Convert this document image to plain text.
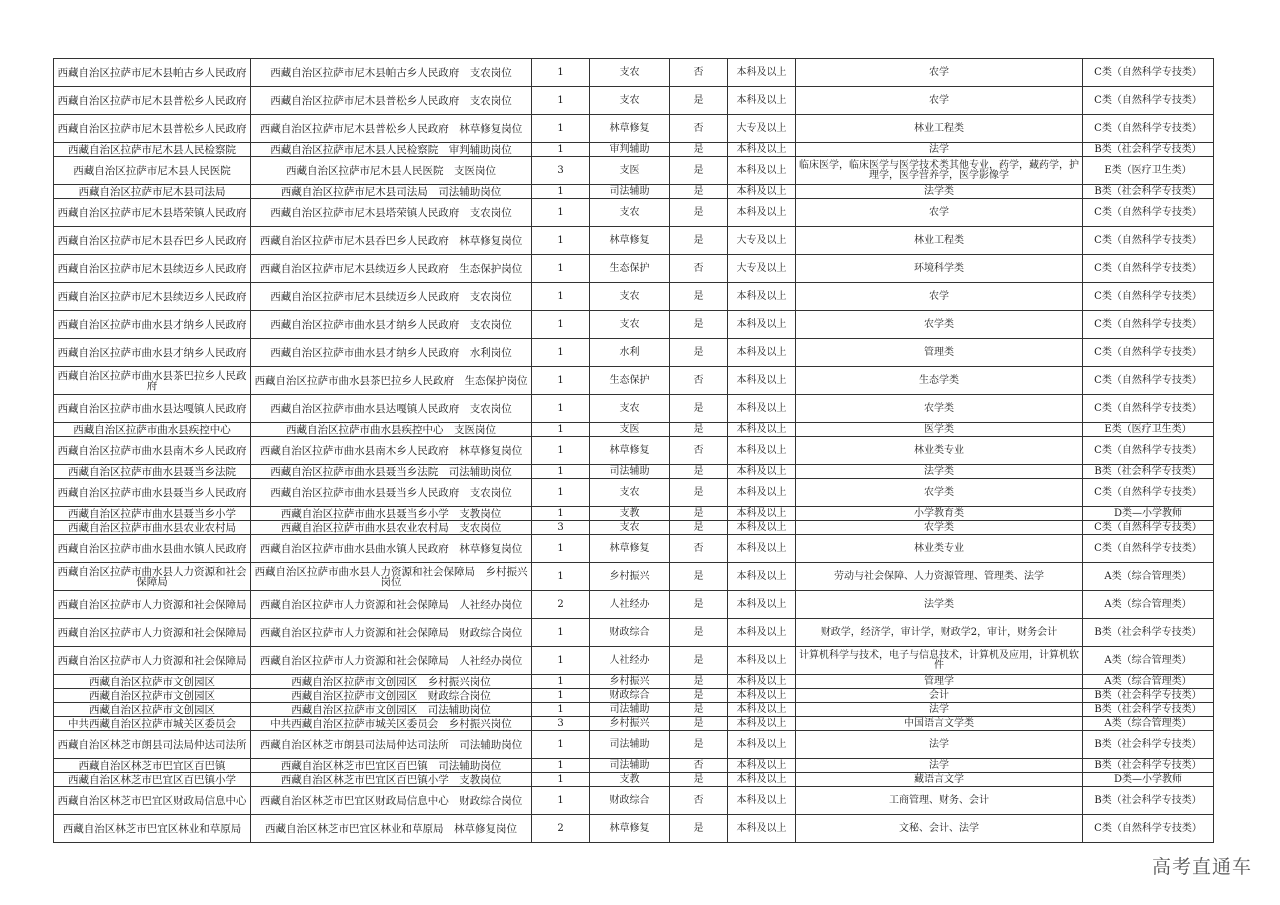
西藏自治区拉萨市尼木县帕古乡人民政府	西藏自治区拉萨市尼木县帕古乡人民政府　支农岗位	1	支农	否	本科及以上	农学	C类（自然科学专技类）

西藏自治区拉萨市尼木县普松乡人民政府	西藏自治区拉萨市尼木县普松乡人民政府　支农岗位	1	支农	是	本科及以上	农学	C类（自然科学专技类）

西藏自治区拉萨市尼木县普松乡人民政府	西藏自治区拉萨市尼木县普松乡人民政府　林草修复岗位	1	林草修复	否	大专及以上	林业工程类	C类（自然科学专技类）

西藏自治区拉萨市尼木县人民检察院	西藏自治区拉萨市尼木县人民检察院　审判辅助岗位	1	审判辅助	是	本科及以上	法学	B类（社会科学专技类）

西藏自治区拉萨市尼木县人民医院	西藏自治区拉萨市尼木县人民医院　支医岗位	3	支医	是	本科及以上	临床医学，临床医学与医学技术类其他专业，药学，藏药学，护理学，医学营养学，医学影像学	E类（医疗卫生类）

西藏自治区拉萨市尼木县司法局	西藏自治区拉萨市尼木县司法局　司法辅助岗位	1	司法辅助	是	本科及以上	法学类	B类（社会科学专技类）

西藏自治区拉萨市尼木县塔荣镇人民政府	西藏自治区拉萨市尼木县塔荣镇人民政府　支农岗位	1	支农	是	本科及以上	农学	C类（自然科学专技类）

西藏自治区拉萨市尼木县吞巴乡人民政府	西藏自治区拉萨市尼木县吞巴乡人民政府　林草修复岗位	1	林草修复	是	大专及以上	林业工程类	C类（自然科学专技类）

西藏自治区拉萨市尼木县续迈乡人民政府	西藏自治区拉萨市尼木县续迈乡人民政府　生态保护岗位	1	生态保护	否	大专及以上	环境科学类	C类（自然科学专技类）

西藏自治区拉萨市尼木县续迈乡人民政府	西藏自治区拉萨市尼木县续迈乡人民政府　支农岗位	1	支农	是	本科及以上	农学	C类（自然科学专技类）

西藏自治区拉萨市曲水县才纳乡人民政府	西藏自治区拉萨市曲水县才纳乡人民政府　支农岗位	1	支农	是	本科及以上	农学类	C类（自然科学专技类）

西藏自治区拉萨市曲水县才纳乡人民政府	西藏自治区拉萨市曲水县才纳乡人民政府　水利岗位	1	水利	是	本科及以上	管理类	C类（自然科学专技类）

西藏自治区拉萨市曲水县茶巴拉乡人民政府	西藏自治区拉萨市曲水县茶巴拉乡人民政府　生态保护岗位	1	生态保护	否	本科及以上	生态学类	C类（自然科学专技类）

西藏自治区拉萨市曲水县达嘎镇人民政府	西藏自治区拉萨市曲水县达嘎镇人民政府　支农岗位	1	支农	是	本科及以上	农学类	C类（自然科学专技类）

西藏自治区拉萨市曲水县疾控中心	西藏自治区拉萨市曲水县疾控中心　支医岗位	1	支医	是	本科及以上	医学类	E类（医疗卫生类）

西藏自治区拉萨市曲水县南木乡人民政府	西藏自治区拉萨市曲水县南木乡人民政府　林草修复岗位	1	林草修复	否	本科及以上	林业类专业	C类（自然科学专技类）

西藏自治区拉萨市曲水县聂当乡法院	西藏自治区拉萨市曲水县聂当乡法院　司法辅助岗位	1	司法辅助	是	本科及以上	法学类	B类（社会科学专技类）

西藏自治区拉萨市曲水县聂当乡人民政府	西藏自治区拉萨市曲水县聂当乡人民政府　支农岗位	1	支农	是	本科及以上	农学类	C类（自然科学专技类）

西藏自治区拉萨市曲水县聂当乡小学	西藏自治区拉萨市曲水县聂当乡小学　支教岗位	1	支教	是	本科及以上	小学教育类	D类—小学教师

西藏自治区拉萨市曲水县农业农村局	西藏自治区拉萨市曲水县农业农村局　支农岗位	3	支农	是	本科及以上	农学类	C类（自然科学专技类）

西藏自治区拉萨市曲水县曲水镇人民政府	西藏自治区拉萨市曲水县曲水镇人民政府　林草修复岗位	1	林草修复	否	本科及以上	林业类专业	C类（自然科学专技类）

西藏自治区拉萨市曲水县人力资源和社会保障局	西藏自治区拉萨市曲水县人力资源和社会保障局　乡村振兴岗位	1	乡村振兴	是	本科及以上	劳动与社会保障、人力资源管理、管理类、法学	A类（综合管理类）

西藏自治区拉萨市人力资源和社会保障局	西藏自治区拉萨市人力资源和社会保障局　人社经办岗位	2	人社经办	是	本科及以上	法学类	A类（综合管理类）

西藏自治区拉萨市人力资源和社会保障局	西藏自治区拉萨市人力资源和社会保障局　财政综合岗位	1	财政综合	是	本科及以上	财政学，经济学，审计学，财政学2，审计，财务会计	B类（社会科学专技类）

西藏自治区拉萨市人力资源和社会保障局	西藏自治区拉萨市人力资源和社会保障局　人社经办岗位	1	人社经办	是	本科及以上	计算机科学与技术，电子与信息技术，计算机及应用，计算机软件	A类（综合管理类）

西藏自治区拉萨市文创园区	西藏自治区拉萨市文创园区　乡村振兴岗位	1	乡村振兴	是	本科及以上	管理学	A类（综合管理类）

西藏自治区拉萨市文创园区	西藏自治区拉萨市文创园区　财政综合岗位	1	财政综合	是	本科及以上	会计	B类（社会科学专技类）

西藏自治区拉萨市文创园区	西藏自治区拉萨市文创园区　司法辅助岗位	1	司法辅助	是	本科及以上	法学	B类（社会科学专技类）

中共西藏自治区拉萨市城关区委员会	中共西藏自治区拉萨市城关区委员会　乡村振兴岗位	3	乡村振兴	是	本科及以上	中国语言文学类	A类（综合管理类）

西藏自治区林芝市朗县司法局仲达司法所	西藏自治区林芝市朗县司法局仲达司法所　司法辅助岗位	1	司法辅助	是	本科及以上	法学	B类（社会科学专技类）

西藏自治区林芝市巴宜区百巴镇	西藏自治区林芝市巴宜区百巴镇　司法辅助岗位	1	司法辅助	否	本科及以上	法学	B类（社会科学专技类）

西藏自治区林芝市巴宜区百巴镇小学	西藏自治区林芝市巴宜区百巴镇小学　支教岗位	1	支教	是	本科及以上	藏语言文学	D类—小学教师

西藏自治区林芝市巴宜区财政局信息中心	西藏自治区林芝市巴宜区财政局信息中心　财政综合岗位	1	财政综合	否	本科及以上	工商管理、财务、会计	B类（社会科学专技类）

西藏自治区林芝市巴宜区林业和草原局	西藏自治区林芝市巴宜区林业和草原局　林草修复岗位	2	林草修复	是	本科及以上	文秘、会计、法学	C类（自然科学专技类）
高考直通车
